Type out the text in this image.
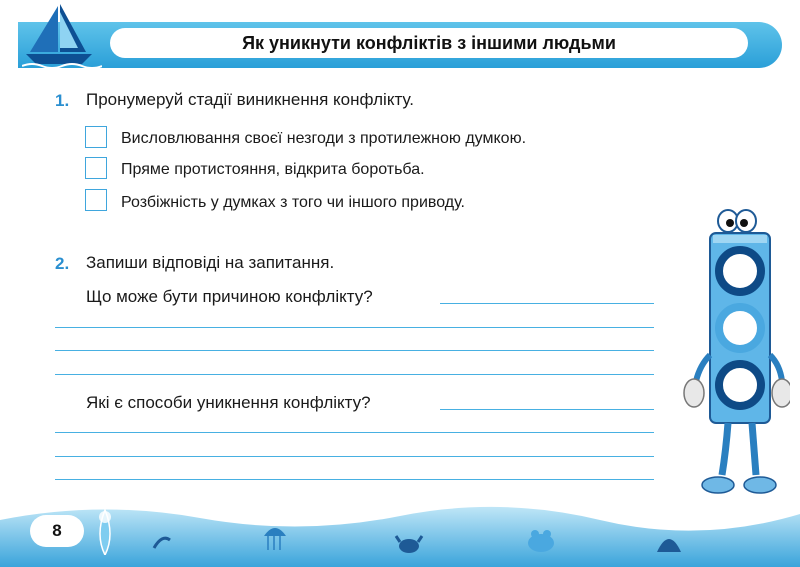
Як уникнути конфліктів з іншими людьми
1. Пронумеруй стадії виникнення конфлікту.
Висловлювання своєї незгоди з протилежною думкою.
Пряме протистояння, відкрита боротьба.
Розбіжність у думках з того чи іншого приводу.
2. Запиши відповіді на запитання.
Що може бути причиною конфлікту?
Які є способи уникнення конфлікту?
8
